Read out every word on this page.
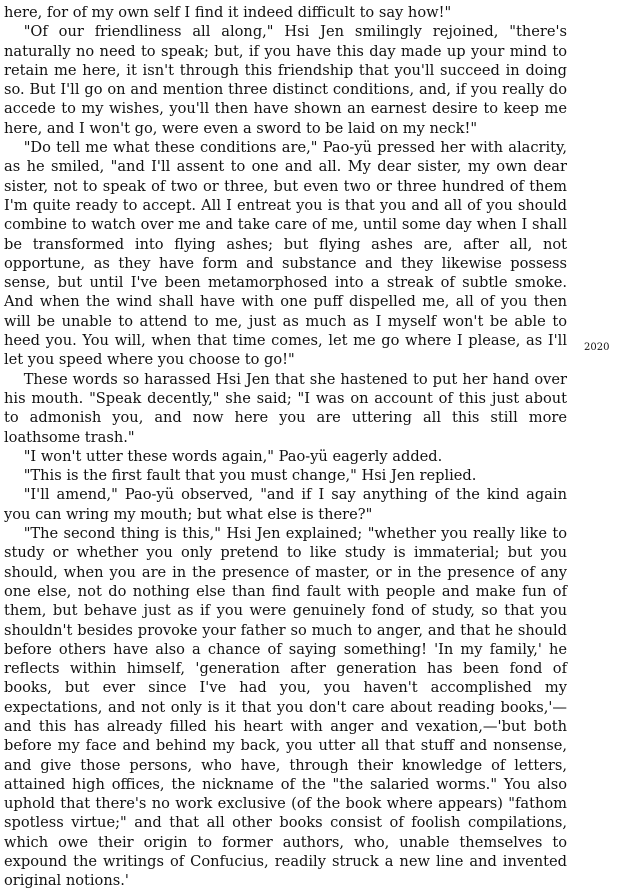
here, for of my own self I find it indeed difficult to say how!"

"Of our friendliness all along," Hsi Jen smilingly rejoined, "there's naturally no need to speak; but, if you have this day made up your mind to retain me here, it isn't through this friendship that you'll succeed in doing so. But I'll go on and mention three distinct conditions, and, if you really do accede to my wishes, you'll then have shown an earnest desire to keep me here, and I won't go, were even a sword to be laid on my neck!"

"Do tell me what these conditions are," Pao-yü pressed her with alacrity, as he smiled, "and I'll assent to one and all. My dear sister, my own dear sister, not to speak of two or three, but even two or three hundred of them I'm quite ready to accept. All I entreat you is that you and all of you should combine to watch over me and take care of me, until some day when I shall be transformed into flying ashes; but flying ashes are, after all, not opportune, as they have form and substance and they likewise possess sense, but until I've been metamorphosed into a streak of subtle smoke. And when the wind shall have with one puff dispelled me, all of you then will be unable to attend to me, just as much as I myself won't be able to heed you. You will, when that time comes, let me go where I please, as I'll let you speed where you choose to go!"

These words so harassed Hsi Jen that she hastened to put her hand over his mouth. "Speak decently," she said; "I was on account of this just about to admonish you, and now here you are uttering all this still more loathsome trash."

"I won't utter these words again," Pao-yü eagerly added.

"This is the first fault that you must change," Hsi Jen replied.

"I'll amend," Pao-yü observed, "and if I say anything of the kind again you can wring my mouth; but what else is there?"

"The second thing is this," Hsi Jen explained; "whether you really like to study or whether you only pretend to like study is immaterial; but you should, when you are in the presence of master, or in the presence of any one else, not do nothing else than find fault with people and make fun of them, but behave just as if you were genuinely fond of study, so that you shouldn't besides provoke your father so much to anger, and that he should before others have also a chance of saying something! 'In my family,' he reflects within himself, 'generation after generation has been fond of books, but ever since I've had you, you haven't accomplished my expectations, and not only is it that you don't care about reading books,'—and this has already filled his heart with anger and vexation,—'but both before my face and behind my back, you utter all that stuff and nonsense, and give those persons, who have, through their knowledge of letters, attained high offices, the nickname of the "the salaried worms." You also uphold that there's no work exclusive (of the book where appears) "fathom spotless virtue;" and that all other books consist of foolish compilations, which owe their origin to former authors, who, unable themselves to expound the writings of Confucius, readily struck a new line and invented original notions.'

2020
